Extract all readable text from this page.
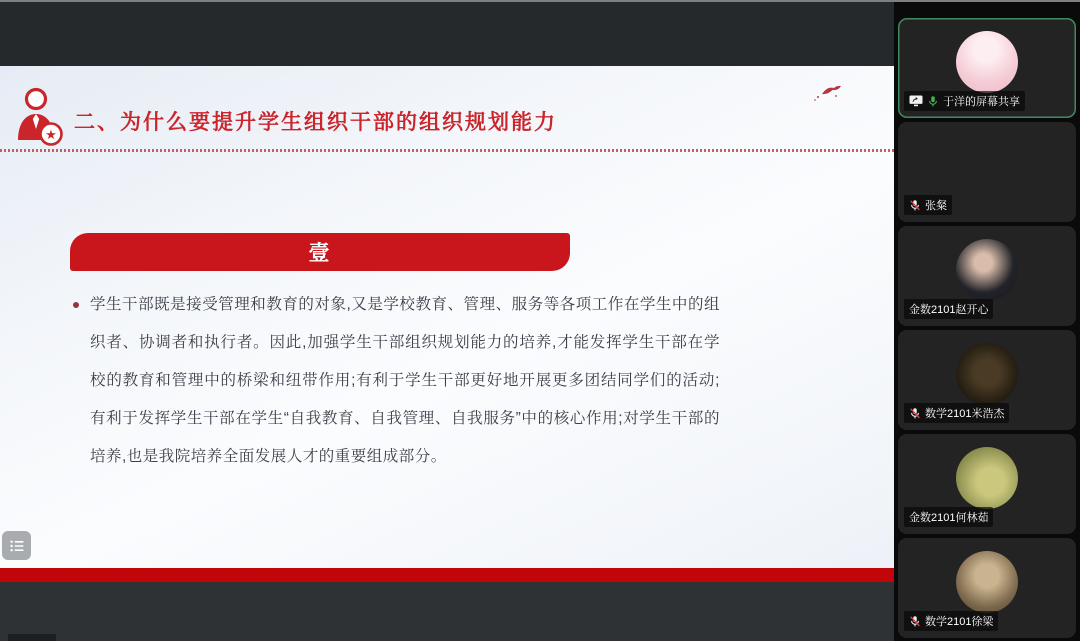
★
二、为什么要提升学生组织干部的组织规划能力
壹
学生干部既是接受管理和教育的对象,又是学校教育、管理、服务等各项工作在学生中的组织者、协调者和执行者。因此,加强学生干部组织规划能力的培养,才能发挥学生干部在学校的教育和管理中的桥梁和纽带作用;有利于学生干部更好地开展更多团结同学们的活动;有利于发挥学生干部在学生“自我教育、自我管理、自我服务”中的核心作用;对学生干部的培养,也是我院培养全面发展人才的重要组成部分。
于洋的屏幕共享
张粲
金数2101赵开心
数学2101米浩杰
金数2101何林茹
数学2101徐梁
